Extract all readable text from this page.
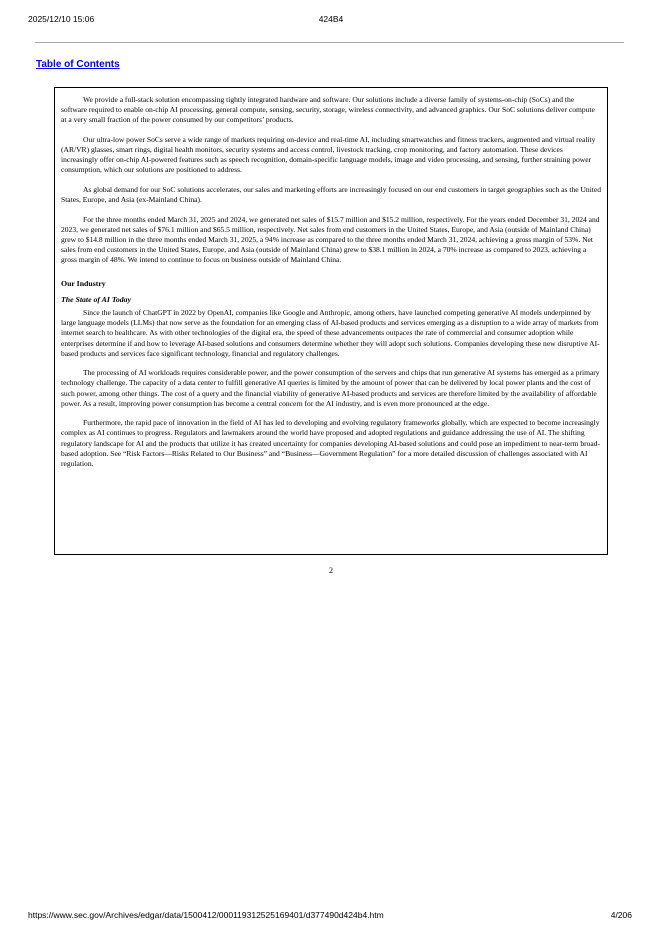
2025/12/10 15:06	424B4
Table of Contents

We provide a full-stack solution encompassing tightly integrated hardware and software. Our solutions include a diverse family of systems-on-chip (SoCs) and the software required to enable on-chip AI processing, general compute, sensing, security, storage, wireless connectivity, and advanced graphics. Our SoC solutions deliver compute at a very small fraction of the power consumed by our competitors’ products.

Our ultra-low power SoCs serve a wide range of markets requiring on-device and real-time AI, including smartwatches and fitness trackers, augmented and virtual reality (AR/VR) glasses, smart rings, digital health monitors, security systems and access control, livestock tracking, crop monitoring, and factory automation. These devices increasingly offer on-chip AI-powered features such as speech recognition, domain-specific language models, image and video processing, and sensing, further straining power consumption, which our solutions are positioned to address.

As global demand for our SoC solutions accelerates, our sales and marketing efforts are increasingly focused on our end customers in target geographies such as the United States, Europe, and Asia (ex-Mainland China).

For the three months ended March 31, 2025 and 2024, we generated net sales of $15.7 million and $15.2 million, respectively. For the years ended December 31, 2024 and 2023, we generated net sales of $76.1 million and $65.5 million, respectively. Net sales from end customers in the United States, Europe, and Asia (outside of Mainland China) grew to $14.8 million in the three months ended March 31, 2025, a 94% increase as compared to the three months ended March 31, 2024, achieving a gross margin of 53%. Net sales from end customers in the United States, Europe, and Asia (outside of Mainland China) grew to $38.1 million in 2024, a 70% increase as compared to 2023, achieving a gross margin of 48%. We intend to continue to focus on business outside of Mainland China.

Our Industry
The State of AI Today

Since the launch of ChatGPT in 2022 by OpenAI, companies like Google and Anthropic, among others, have launched competing generative AI models underpinned by large language models (LLMs) that now serve as the foundation for an emerging class of AI-based products and services emerging as a disruption to a wide array of markets from internet search to healthcare. As with other technologies of the digital era, the speed of these advancements outpaces the rate of commercial and consumer adoption while enterprises determine if and how to leverage AI-based solutions and consumers determine whether they will adopt such solutions. Companies developing these new disruptive AI-based products and services face significant technology, financial and regulatory challenges.

The processing of AI workloads requires considerable power, and the power consumption of the servers and chips that run generative AI systems has emerged as a primary technology challenge. The capacity of a data center to fulfill generative AI queries is limited by the amount of power that can be delivered by local power plants and the cost of such power, among other things. The cost of a query and the financial viability of generative AI-based products and services are therefore limited by the availability of affordable power. As a result, improving power consumption has become a central concern for the AI industry, and is even more pronounced at the edge.

Furthermore, the rapid pace of innovation in the field of AI has led to developing and evolving regulatory frameworks globally, which are expected to become increasingly complex as AI continues to progress. Regulators and lawmakers around the world have proposed and adopted regulations and guidance addressing the use of AI. The shifting regulatory landscape for AI and the products that utilize it has created uncertainty for companies developing AI-based solutions and could pose an impediment to near-term broad-based adoption. See “Risk Factors—Risks Related to Our Business” and “Business—Government Regulation” for a more detailed discussion of challenges associated with AI regulation.

2
https://www.sec.gov/Archives/edgar/data/1500412/000119312525169401/d377490d424b4.htm	4/206
